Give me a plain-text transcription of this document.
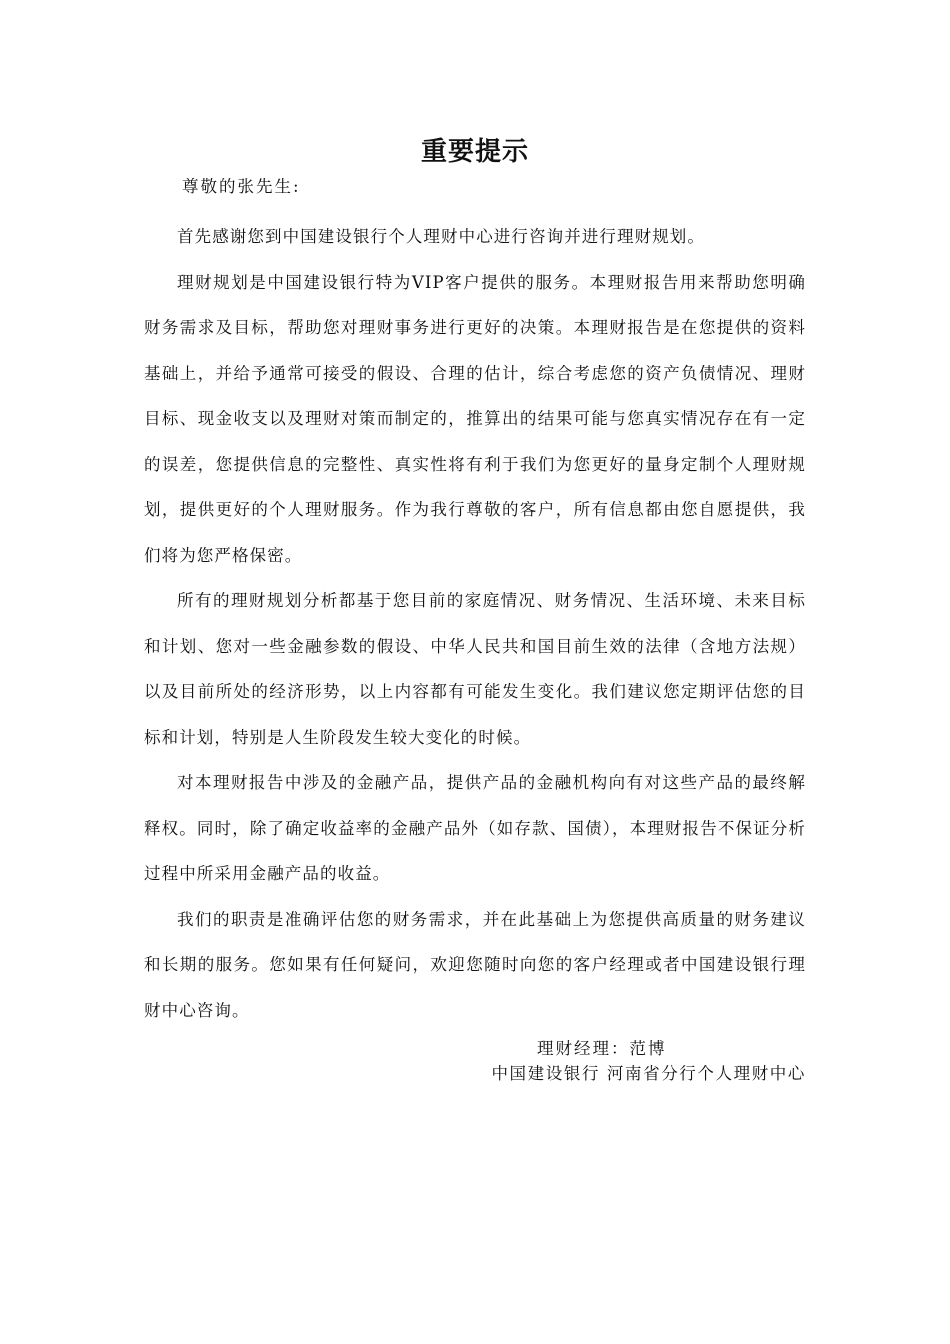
重要提示
尊敬的张先生:

首先感谢您到中国建设银行个人理财中心进行咨询并进行理财规划。

理财规划是中国建设银行特为VIP客户提供的服务。本理财报告用来帮助您明确财务需求及目标，帮助您对理财事务进行更好的决策。本理财报告是在您提供的资料基础上，并给予通常可接受的假设、合理的估计，综合考虑您的资产负债情况、理财目标、现金收支以及理财对策而制定的，推算出的结果可能与您真实情况存在有一定的误差，您提供信息的完整性、真实性将有利于我们为您更好的量身定制个人理财规划，提供更好的个人理财服务。作为我行尊敬的客户，所有信息都由您自愿提供，我们将为您严格保密。

所有的理财规划分析都基于您目前的家庭情况、财务情况、生活环境、未来目标和计划、您对一些金融参数的假设、中华人民共和国目前生效的法律（含地方法规）以及目前所处的经济形势，以上内容都有可能发生变化。我们建议您定期评估您的目标和计划，特别是人生阶段发生较大变化的时候。

对本理财报告中涉及的金融产品，提供产品的金融机构向有对这些产品的最终解释权。同时，除了确定收益率的金融产品外（如存款、国债），本理财报告不保证分析过程中所采用金融产品的收益。

我们的职责是准确评估您的财务需求，并在此基础上为您提供高质量的财务建议和长期的服务。您如果有任何疑问，欢迎您随时向您的客户经理或者中国建设银行理财中心咨询。

理财经理：范博
中国建设银行 河南省分行个人理财中心
